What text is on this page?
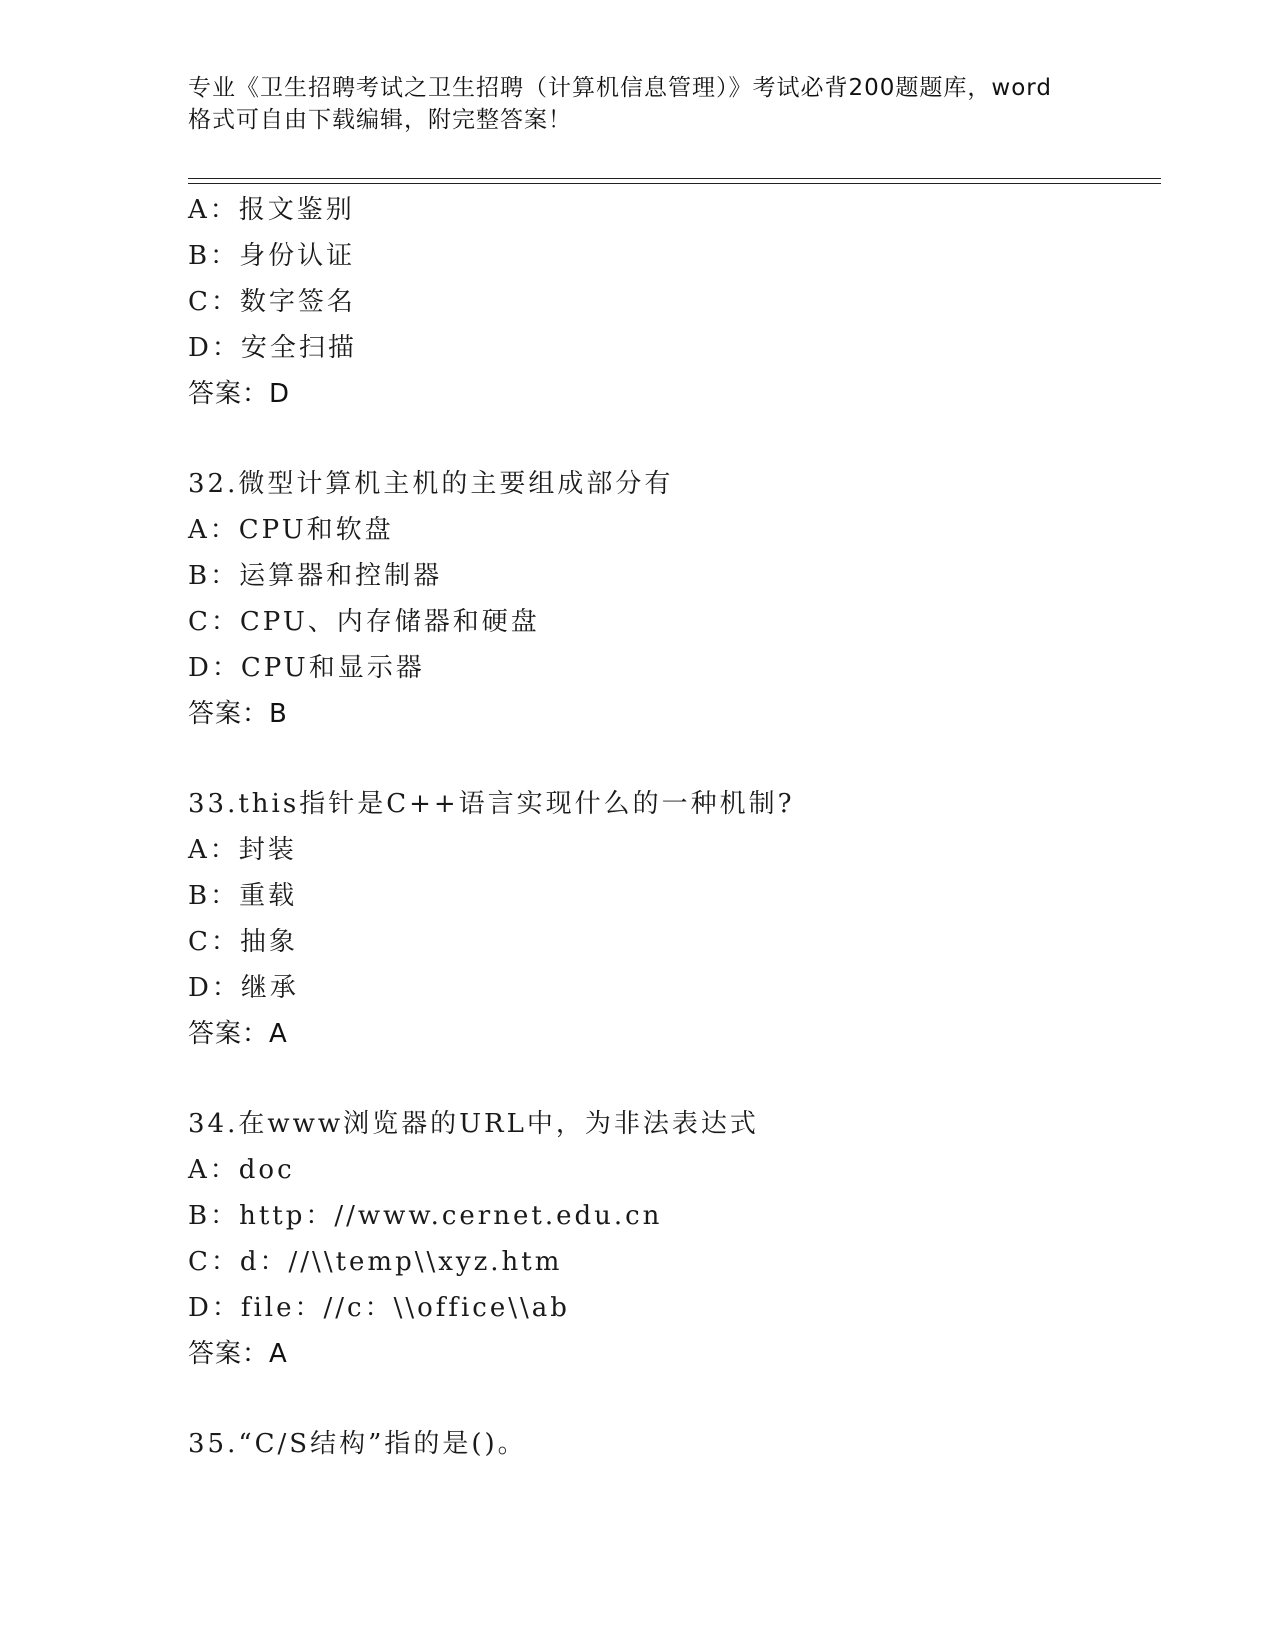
专业《卫生招聘考试之卫生招聘（计算机信息管理）》考试必背200题题库，word
格式可自由下载编辑，附完整答案！
A：报文鉴别
B：身份认证
C：数字签名
D：安全扫描
答案：D
32.微型计算机主机的主要组成部分有
A：CPU和软盘
B：运算器和控制器
C：CPU、内存储器和硬盘
D：CPU和显示器
答案：B
33.this指针是C++语言实现什么的一种机制?
A：封装
B：重载
C：抽象
D：继承
答案：A
34.在www浏览器的URL中，为非法表达式
A：doc
B：http：//www.cernet.edu.cn
C：d：//\\temp\\xyz.htm
D：file：//c：\\office\\ab
答案：A
35.“C/S结构”指的是()。
